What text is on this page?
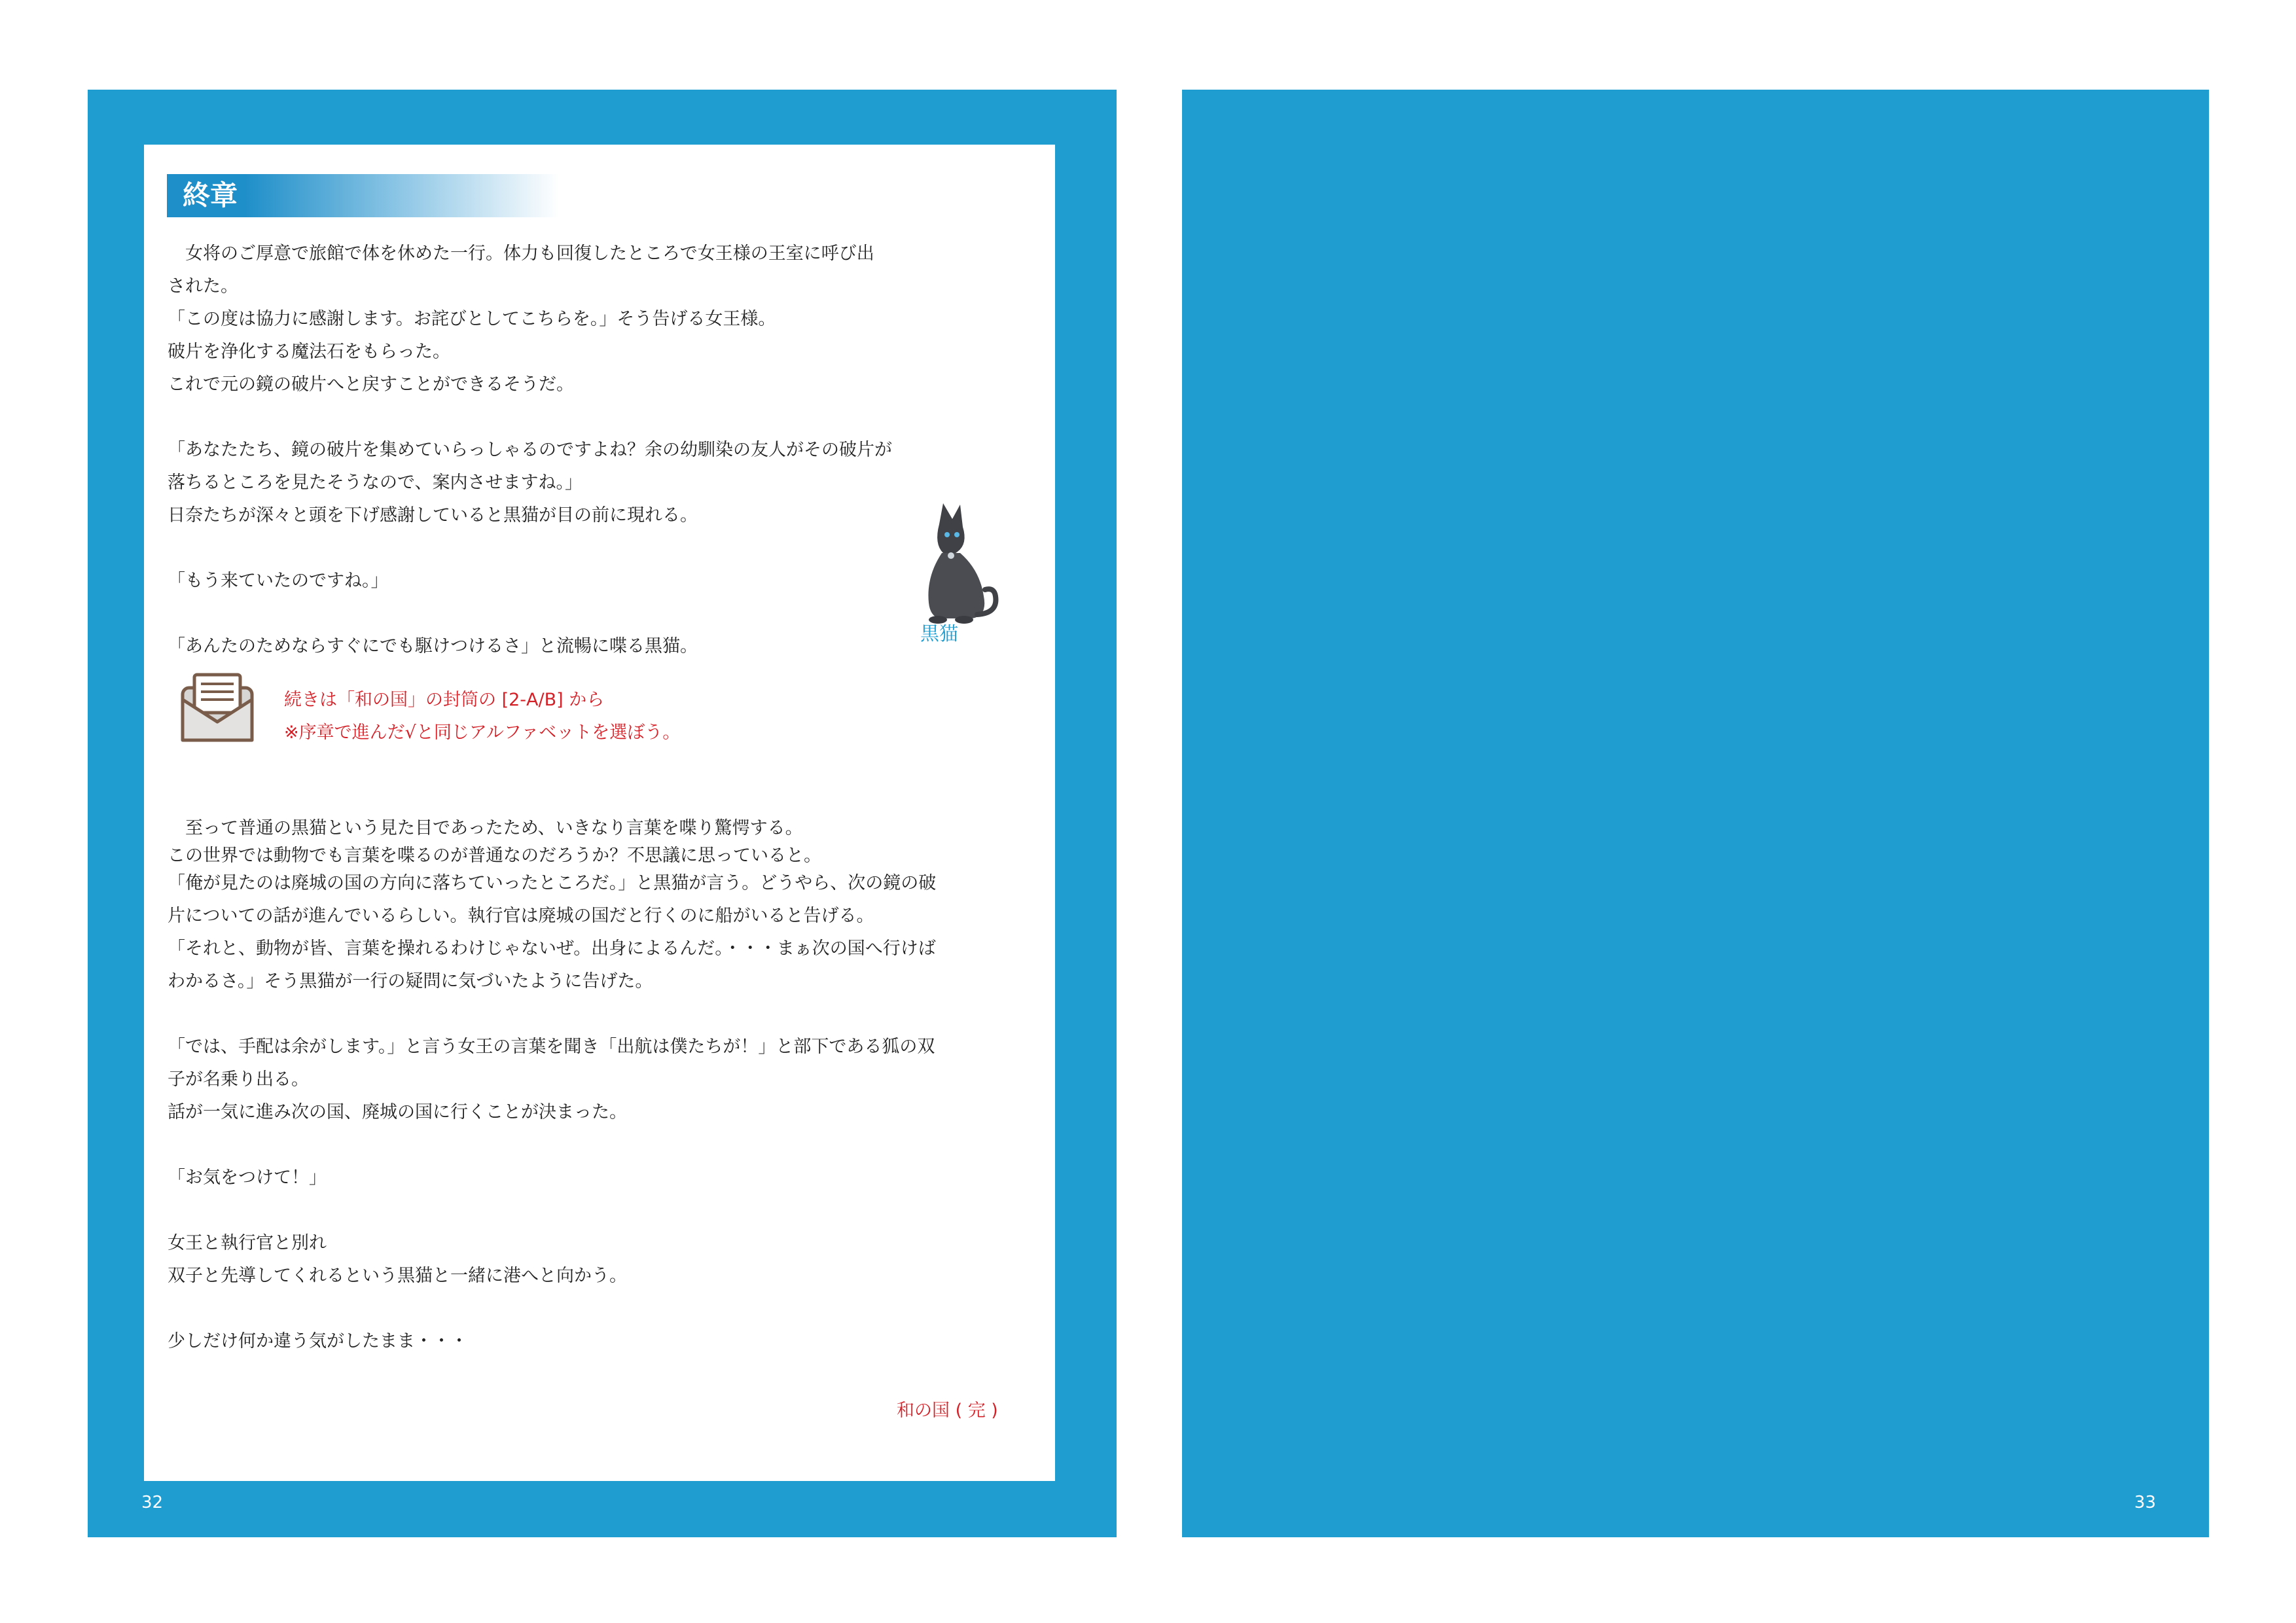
終章
　女将のご厚意で旅館で体を休めた一行。体力も回復したところで女王様の王室に呼び出
された。
「この度は協力に感謝します。お詫びとしてこちらを。」そう告げる女王様。
破片を浄化する魔法石をもらった。
これで元の鏡の破片へと戻すことができるそうだ。
「あなたたち、鏡の破片を集めていらっしゃるのですよね？余の幼馴染の友人がその破片が
落ちるところを見たそうなので、案内させますね。」
日奈たちが深々と頭を下げ感謝していると黒猫が目の前に現れる。
「もう来ていたのですね。」
「あんたのためならすぐにでも駆けつけるさ」と流暢に喋る黒猫。
黒猫
続きは「和の国」の封筒の [2-A/B] から
※序章で進んだ√と同じアルファベットを選ぼう。
　至って普通の黒猫という見た目であったため、いきなり言葉を喋り驚愕する。
この世界では動物でも言葉を喋るのが普通なのだろうか？不思議に思っていると。
「俺が見たのは廃城の国の方向に落ちていったところだ。」と黒猫が言う。どうやら、次の鏡の破
片についての話が進んでいるらしい。執行官は廃城の国だと行くのに船がいると告げる。
「それと、動物が皆、言葉を操れるわけじゃないぜ。出身によるんだ。・・・まぁ次の国へ行けば
わかるさ。」そう黒猫が一行の疑問に気づいたように告げた。
「では、手配は余がします。」と言う女王の言葉を聞き「出航は僕たちが！」と部下である狐の双
子が名乗り出る。
話が一気に進み次の国、廃城の国に行くことが決まった。
「お気をつけて！」
女王と執行官と別れ
双子と先導してくれるという黒猫と一緒に港へと向かう。
少しだけ何か違う気がしたまま・・・
和の国 ( 完 )
32	33
